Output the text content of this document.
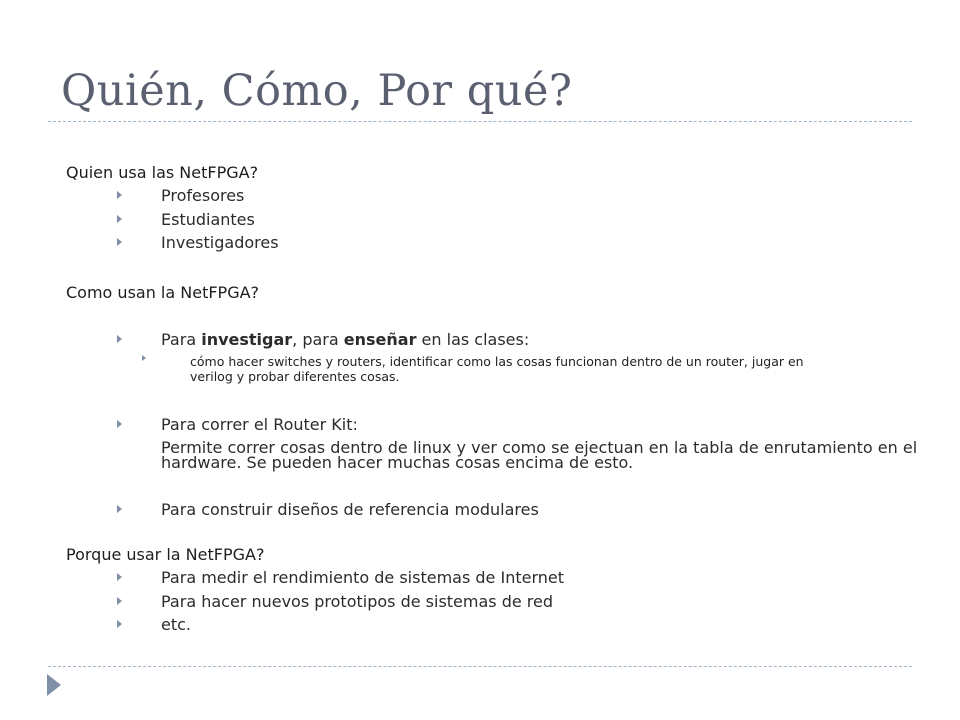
Quién, Cómo, Por qué?
Quien usa las NetFPGA?
Profesores
Estudiantes
Investigadores
Como usan la NetFPGA?
Para investigar, para enseñar en las clases:
cómo hacer switches y routers, identificar como las cosas funcionan dentro de un router, jugar en
verilog y probar diferentes cosas.
Para correr el Router Kit:
Permite correr cosas dentro de linux y ver como se ejectuan en la tabla de enrutamiento en el
hardware. Se pueden hacer muchas cosas encima de esto.
Para construir diseños de referencia modulares
Porque usar la NetFPGA?
Para medir el rendimiento de sistemas de Internet
Para hacer nuevos prototipos de sistemas de red
etc.
